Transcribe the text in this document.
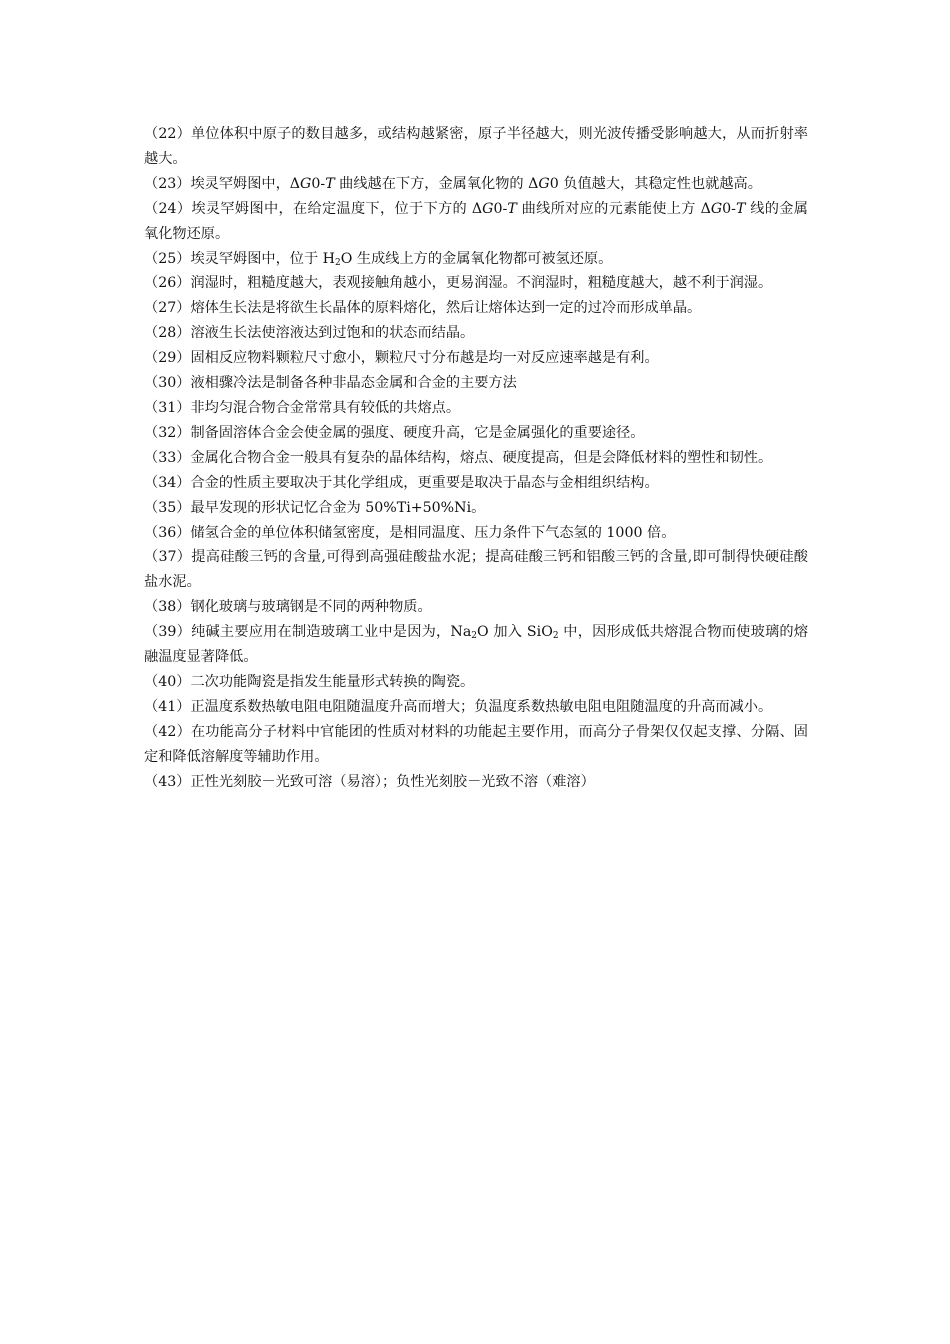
（22）单位体积中原子的数目越多，或结构越紧密，原子半径越大，则光波传播受影响越大，从而折射率越大。

（23）埃灵罕姆图中，ΔG0-T 曲线越在下方，金属氧化物的 ΔG0 负值越大，其稳定性也就越高。

（24）埃灵罕姆图中，在给定温度下，位于下方的 ΔG0-T 曲线所对应的元素能使上方 ΔG0-T 线的金属氧化物还原。

（25）埃灵罕姆图中，位于 $H_2O$ 生成线上方的金属氧化物都可被氢还原。

（26）润湿时，粗糙度越大，表观接触角越小，更易润湿。不润湿时，粗糙度越大，越不利于润湿。

（27）熔体生长法是将欲生长晶体的原料熔化，然后让熔体达到一定的过冷而形成单晶。

（28）溶液生长法使溶液达到过饱和的状态而结晶。

（29）固相反应物料颗粒尺寸愈小，颗粒尺寸分布越是均一对反应速率越是有利。

（30）液相骤冷法是制备各种非晶态金属和合金的主要方法

（31）非均匀混合物合金常常具有较低的共熔点。

（32）制备固溶体合金会使金属的强度、硬度升高，它是金属强化的重要途径。

（33）金属化合物合金一般具有复杂的晶体结构，熔点、硬度提高，但是会降低材料的塑性和韧性。

（34）合金的性质主要取决于其化学组成，更重要是取决于晶态与金相组织结构。

（35）最早发现的形状记忆合金为 50%Ti+50%Ni。

（36）储氢合金的单位体积储氢密度，是相同温度、压力条件下气态氢的 1000 倍。

（37）提高硅酸三钙的含量,可得到高强硅酸盐水泥；提高硅酸三钙和铝酸三钙的含量,即可制得快硬硅酸盐水泥。

（38）钢化玻璃与玻璃钢是不同的两种物质。

（39）纯碱主要应用在制造玻璃工业中是因为，$Na_2O$ 加入 SiO$_2$ 中，因形成低共熔混合物而使玻璃的熔融温度显著降低。

（40）二次功能陶瓷是指发生能量形式转换的陶瓷。

（41）正温度系数热敏电阻电阻随温度升高而增大；负温度系数热敏电阻电阻随温度的升高而减小。

（42）在功能高分子材料中官能团的性质对材料的功能起主要作用，而高分子骨架仅仅起支撑、分隔、固定和降低溶解度等辅助作用。

（43）正性光刻胶－光致可溶（易溶）；负性光刻胶－光致不溶（难溶）
